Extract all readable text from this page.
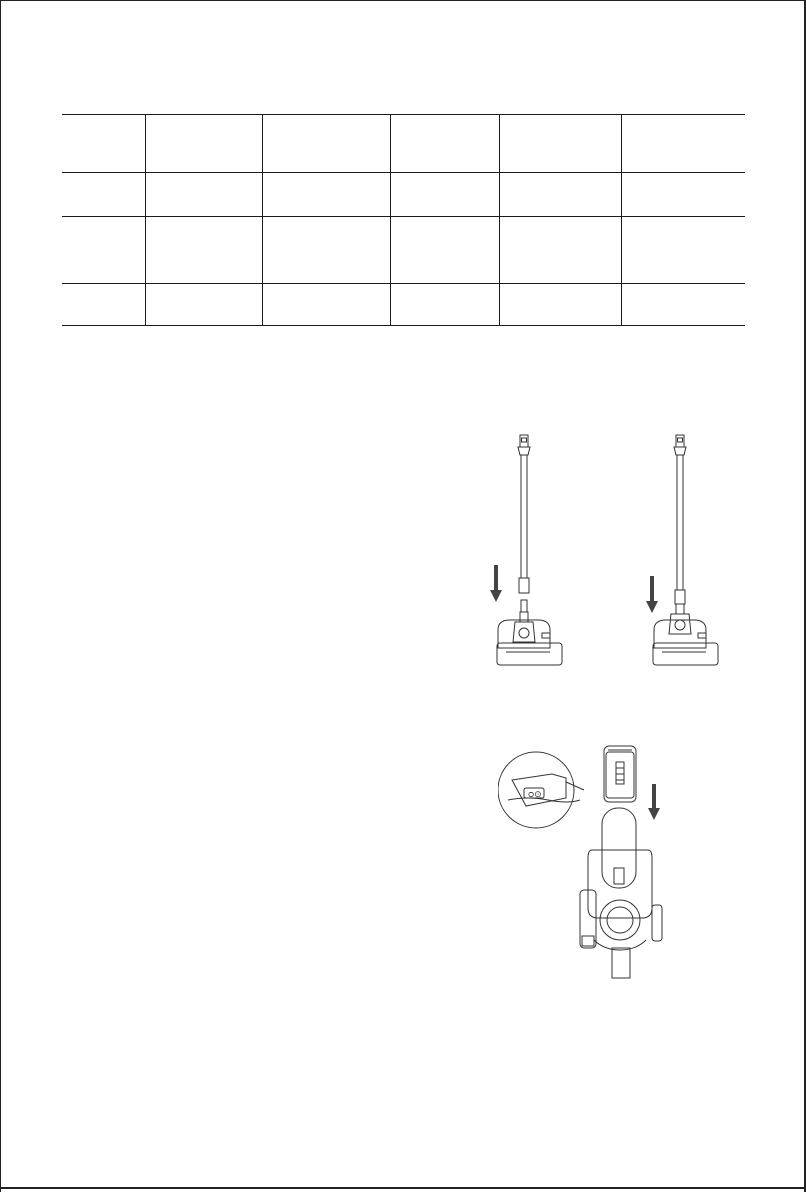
ᴑ⊙
